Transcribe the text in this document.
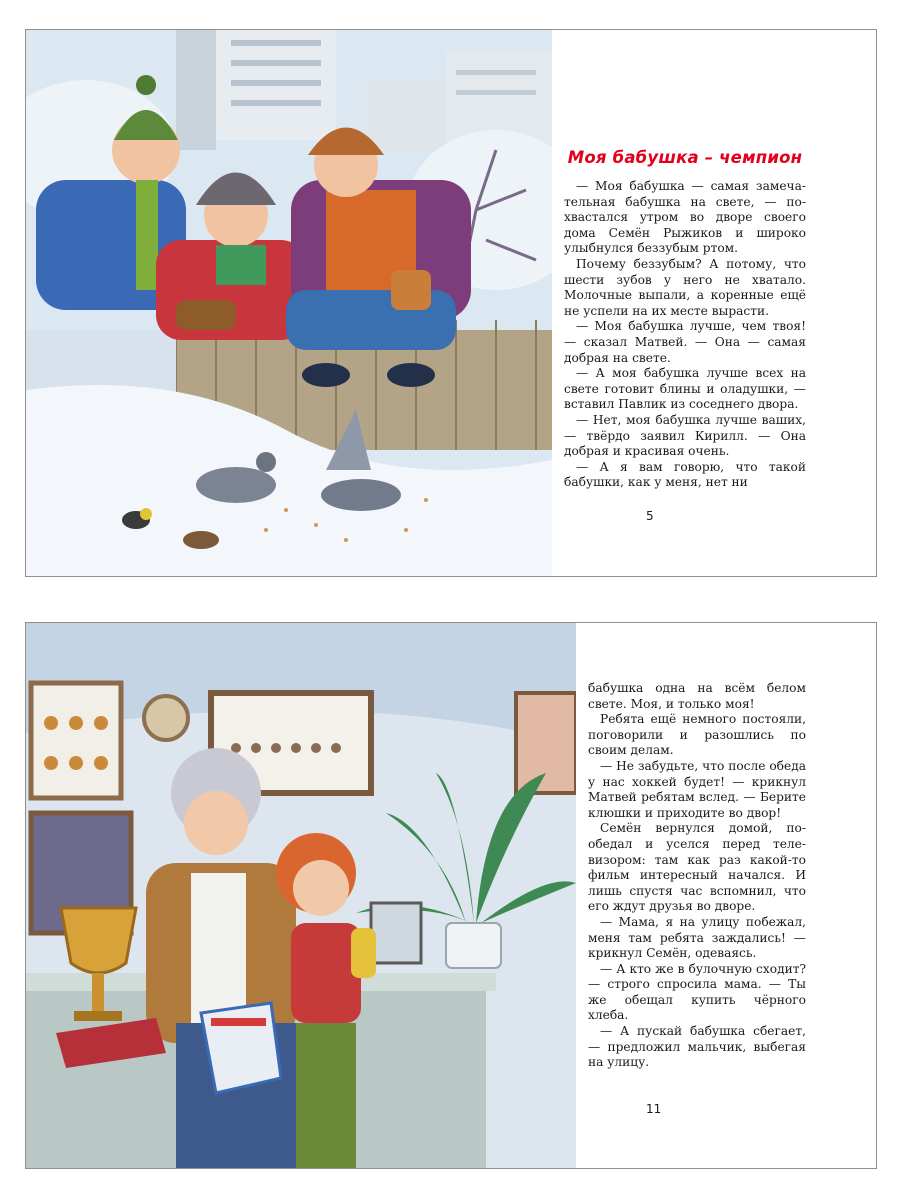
Моя бабушка – чемпион

— Моя бабушка — самая замечательная бабушка на свете, — похвастался утром во дворе своего дома Семён Рыжиков и широко улыбнулся беззубым ртом.

Почему беззубым? А потому, что шести зубов у него не хватало. Молочные выпали, а коренные ещё не успели на их месте вырасти.

— Моя бабушка лучше, чем твоя! — сказал Матвей. — Она — самая добрая на свете.

— А моя бабушка лучше всех на свете готовит блины и оладушки, — вставил Павлик из соседнего двора.

— Нет, моя бабушка лучше ваших, — твёрдо заявил Кирилл. — Она добрая и красивая очень.

— А я вам говорю, что такой бабушки, как у меня, нет ни

5

бабушка одна на всём белом свете. Моя, и только моя!

Ребята ещё немного постояли, поговорили и разошлись по своим делам.

— Не забудьте, что после обеда у нас хоккей будет! — крикнул Матвей ребятам вслед. — Берите клюшки и приходите во двор!

Семён вернулся домой, пообедал и уселся перед телевизором: там как раз какой-то фильм интересный начался. И лишь спустя час вспомнил, что его ждут друзья во дворе.

— Мама, я на улицу побежал, меня там ребята заждались! — крикнул Семён, одеваясь.

— А кто же в булочную сходит? — строго спросила мама. — Ты же обещал купить чёрного хлеба.

— А пускай бабушка сбегает, — предложил мальчик, выбегая на улицу.

11
